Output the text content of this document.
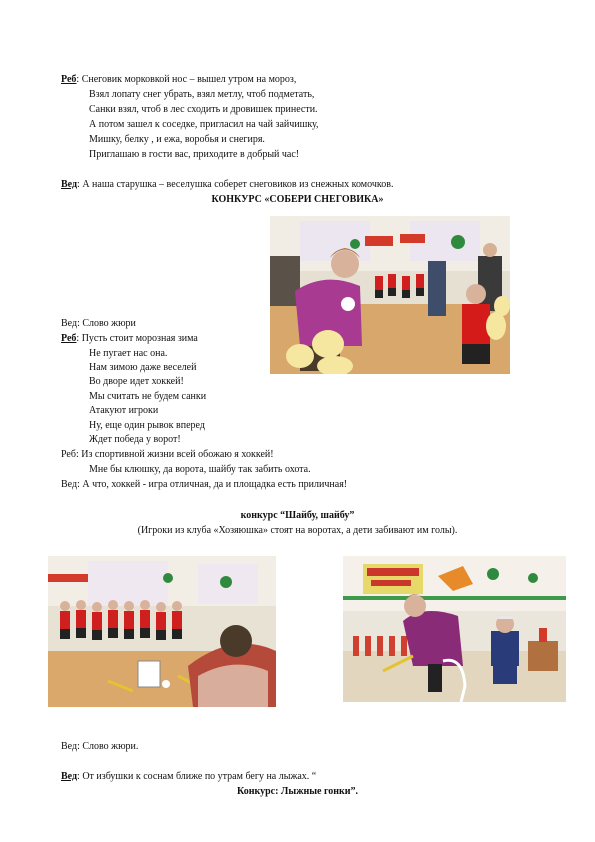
Реб: Снеговик морковкой нос – вышел утром на мороз,
Взял лопату снег убрать, взял метлу, чтоб подметать,
Санки взял, чтоб в лес сходить и дровишек принести.
А потом зашел к соседке, пригласил на чай зайчишку,
Мишку, белку , и ежа, воробья и снегиря.
Приглашаю в гости вас, приходите в добрый час!
Вед: А наша старушка – веселушка соберет снеговиков из снежных комочков.
КОНКУРС «СОБЕРИ СНЕГОВИКА»
Вед: Слово жюри
Реб: Пусть стоит морозная зима
Не пугает нас она.
Нам зимою даже веселей
Во дворе идет хоккей!
Мы считать не будем санки
Атакуют игроки
Ну, еще один рывок вперед
Ждет победа у ворот!
Реб: Из спортивной жизни всей обожаю я хоккей!
Мне бы клюшку, да ворота, шайбу так забить охота.
Вед: А что, хоккей - игра отличная, да и площадка есть приличная!
конкурс “Шайбу, шайбу”
(Игроки из клуба «Хозяюшка» стоят на воротах, а дети забивают им голы).
Вед: Слово жюри.
Вед: От избушки к соснам ближе по утрам бегу на лыжах. “
Конкурс: Лыжные гонки”.
